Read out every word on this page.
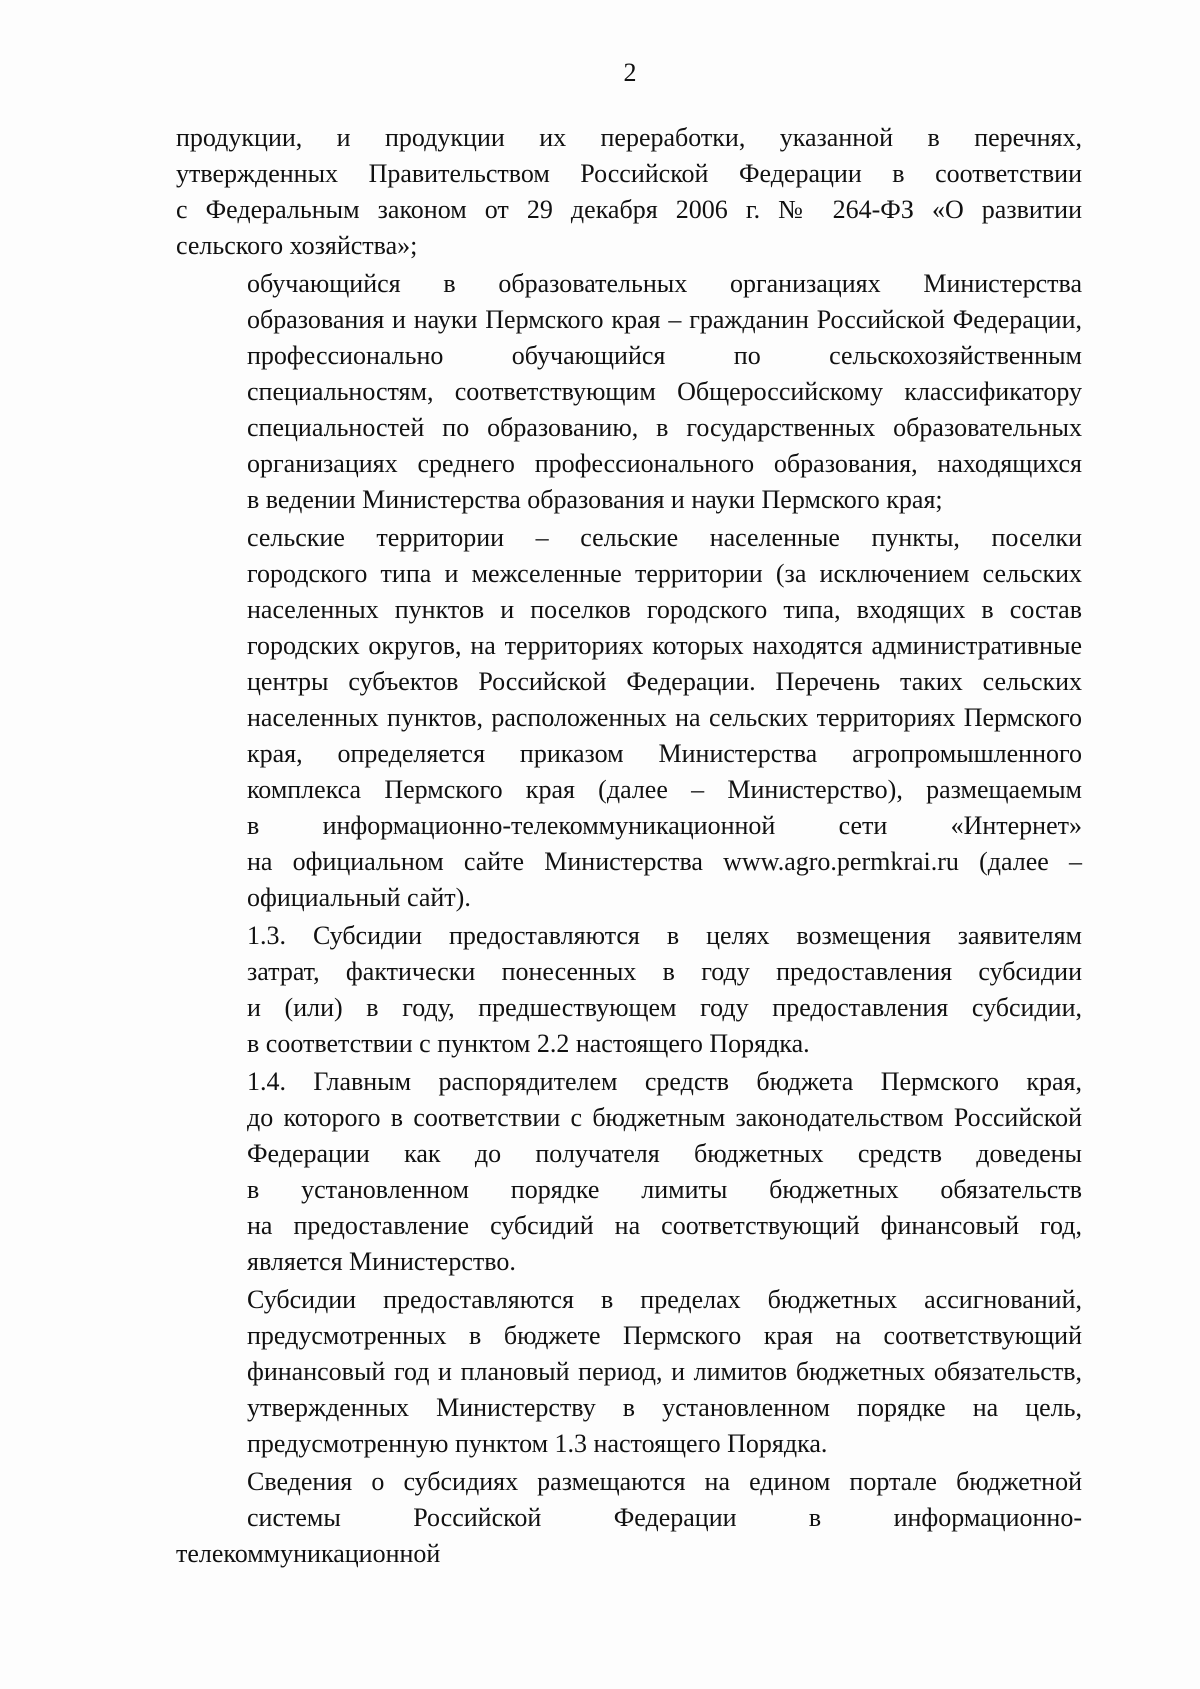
2
продукции, и продукции их переработки, указанной в перечнях,
утвержденных Правительством Российской Федерации в соответствии
с Федеральным законом от 29 декабря 2006 г. № 264-ФЗ «О развитии
сельского хозяйства»;
обучающийся в образовательных организациях Министерства
образования и науки Пермского края – гражданин Российской Федерации,
профессионально обучающийся по сельскохозяйственным
специальностям, соответствующим Общероссийскому классификатору
специальностей по образованию, в государственных образовательных
организациях среднего профессионального образования, находящихся
в ведении Министерства образования и науки Пермского края;
сельские территории – сельские населенные пункты, поселки
городского типа и межселенные территории (за исключением сельских
населенных пунктов и поселков городского типа, входящих в состав
городских округов, на территориях которых находятся административные
центры субъектов Российской Федерации. Перечень таких сельских
населенных пунктов, расположенных на сельских территориях Пермского
края, определяется приказом Министерства агропромышленного
комплекса Пермского края (далее – Министерство), размещаемым
в информационно-телекоммуникационной сети «Интернет»
на официальном сайте Министерства www.agro.permkrai.ru (далее –
официальный сайт).
1.3. Субсидии предоставляются в целях возмещения заявителям
затрат, фактически понесенных в году предоставления субсидии
и (или) в году, предшествующем году предоставления субсидии,
в соответствии с пунктом 2.2 настоящего Порядка.
1.4. Главным распорядителем средств бюджета Пермского края,
до которого в соответствии с бюджетным законодательством Российской
Федерации как до получателя бюджетных средств доведены
в установленном порядке лимиты бюджетных обязательств
на предоставление субсидий на соответствующий финансовый год,
является Министерство.
Субсидии предоставляются в пределах бюджетных ассигнований,
предусмотренных в бюджете Пермского края на соответствующий
финансовый год и плановый период, и лимитов бюджетных обязательств,
утвержденных Министерству в установленном порядке на цель,
предусмотренную пунктом 1.3 настоящего Порядка.
Сведения о субсидиях размещаются на едином портале бюджетной
системы Российской Федерации в информационно-телекоммуникационной
